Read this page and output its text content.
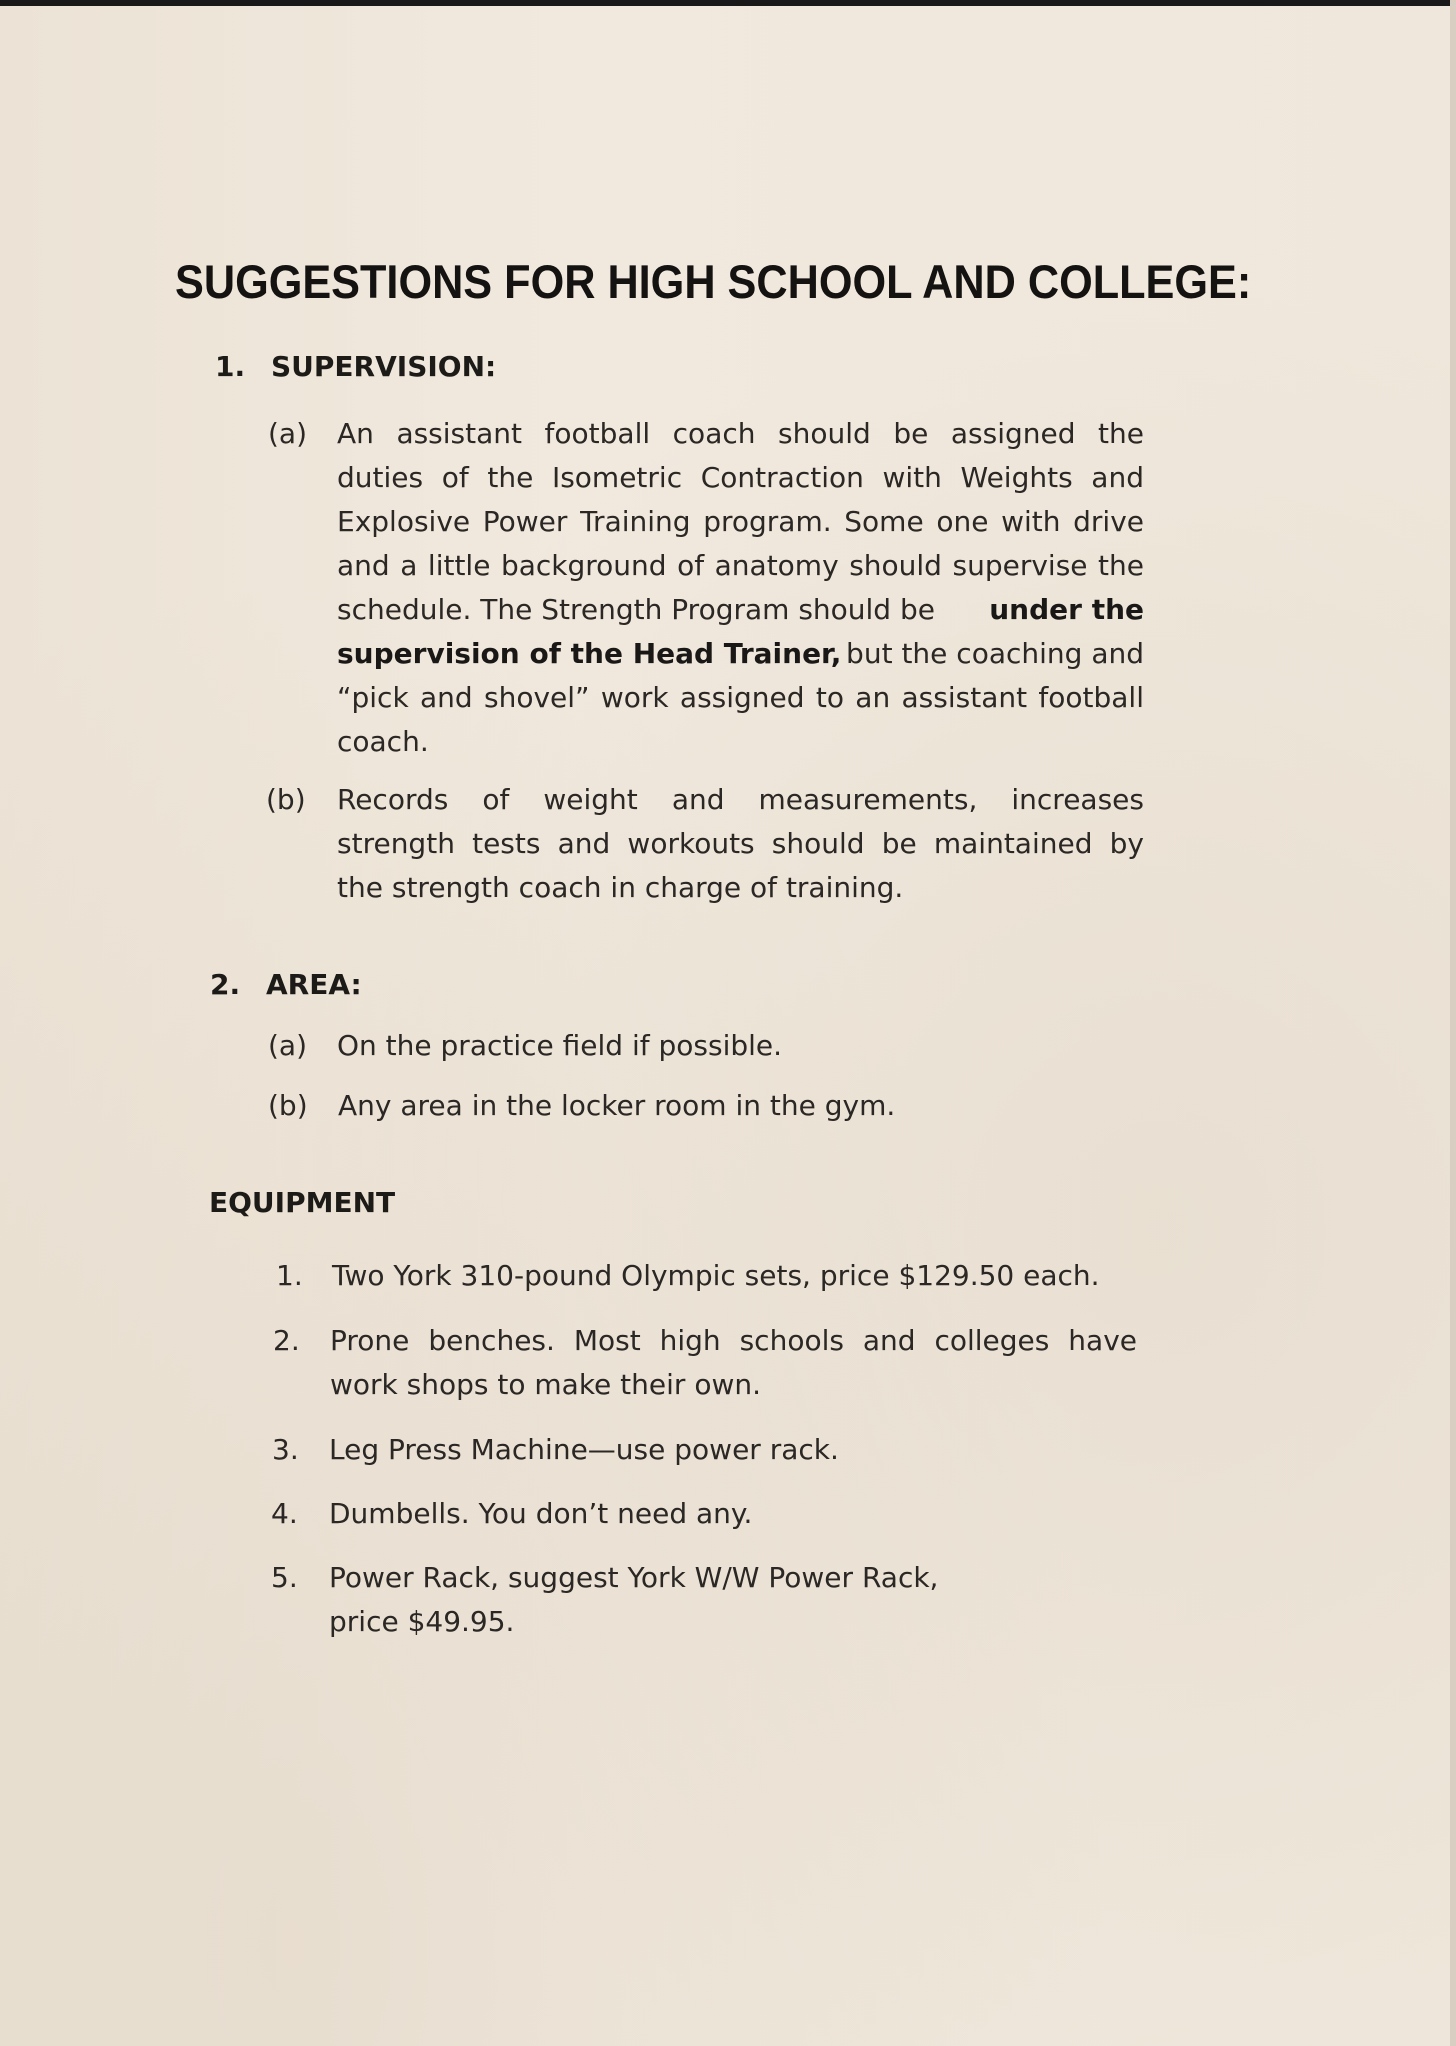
SUGGESTIONS FOR HIGH SCHOOL AND COLLEGE:
1. SUPERVISION:
(a) An assistant football coach should be assigned the
duties of the Isometric Contraction with Weights and
Explosive Power Training program. Some one with drive
and a little background of anatomy should supervise the
schedule. The Strength Program should be under the
supervision of the Head Trainer, but the coaching and
“pick and shovel” work assigned to an assistant football
coach.
(b) Records of weight and measurements, increases
strength tests and workouts should be maintained by
the strength coach in charge of training.
2. AREA:
(a) On the practice field if possible.
(b) Any area in the locker room in the gym.
EQUIPMENT
1. Two York 310-pound Olympic sets, price $129.50 each.
2. Prone benches. Most high schools and colleges have
work shops to make their own.
3. Leg Press Machine—use power rack.
4. Dumbells. You don’t need any.
5. Power Rack, suggest York W/W Power Rack,
price $49.95.
